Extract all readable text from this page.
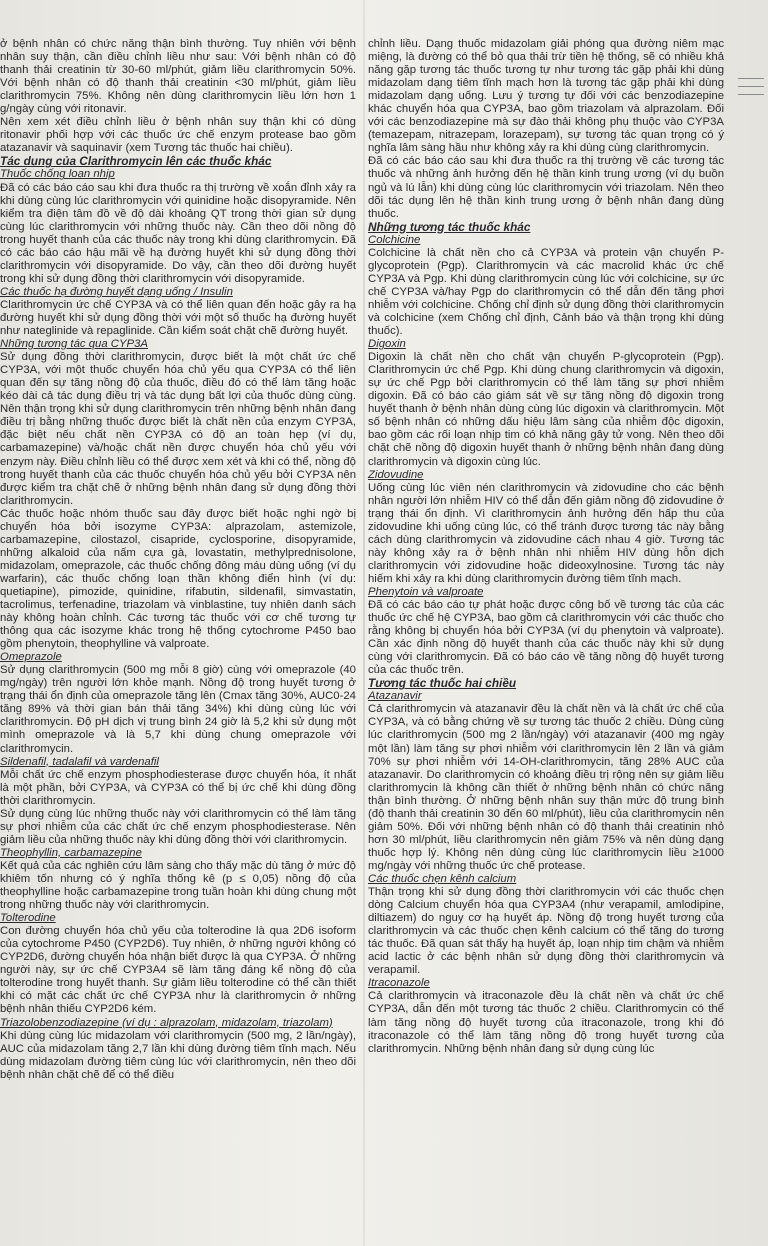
ở bệnh nhân có chức năng thận bình thường. Tuy nhiên với bệnh nhân suy thận, cần điều chỉnh liều như sau: Với bệnh nhân có độ thanh thải creatinin từ 30-60 ml/phút, giảm liều clarithromycin 50%. Với bệnh nhân có độ thanh thải creatinin <30 ml/phút, giảm liều clarithromycin 75%. Không nên dùng clarithromycin liều lớn hơn 1 g/ngày cùng với ritonavir.

Nên xem xét điều chỉnh liều ở bệnh nhân suy thận khi có dùng ritonavir phối hợp với các thuốc ức chế enzym protease bao gồm atazanavir và saquinavir (xem Tương tác thuốc hai chiều).

Tác dụng của Clarithromycin lên các thuốc khác

Thuốc chống loạn nhịp

Đã có các báo cáo sau khi đưa thuốc ra thị trường về xoắn đỉnh xảy ra khi dùng cùng lúc clarithromycin với quinidine hoặc disopyramide. Nên kiểm tra điện tâm đồ về độ dài khoảng QT trong thời gian sử dụng cùng lúc clarithromycin với những thuốc này. Cần theo dõi nồng độ trong huyết thanh của các thuốc này trong khi dùng clarithromycin. Đã có các báo cáo hậu mãi về hạ đường huyết khi sử dụng đồng thời clarithromycin với disopyramide. Do vậy, cần theo dõi đường huyết trong khi sử dụng đồng thời clarithromycin với disopyramide.

Các thuốc hạ đường huyết dạng uống / Insulin

Clarithromycin ức chế CYP3A và có thể liên quan đến hoặc gây ra hạ đường huyết khi sử dụng đồng thời với một số thuốc hạ đường huyết như nateglinide và repaglinide. Cần kiểm soát chặt chẽ đường huyết.

Những tương tác qua CYP3A

Sử dụng đồng thời clarithromycin, được biết là một chất ức chế CYP3A, với một thuốc chuyển hóa chủ yếu qua CYP3A có thể liên quan đến sự tăng nồng độ của thuốc, điều đó có thể làm tăng hoặc kéo dài cả tác dụng điều trị và tác dụng bất lợi của thuốc dùng cùng. Nên thận trọng khi sử dụng clarithromycin trên những bệnh nhân đang điều trị bằng những thuốc được biết là chất nền của enzym CYP3A, đặc biệt nếu chất nền CYP3A có độ an toàn hẹp (ví dụ, carbamazepine) và/hoặc chất nền được chuyển hóa chủ yếu với enzym này. Điều chỉnh liều có thể được xem xét và khi có thể, nồng độ trong huyết thanh của các thuốc chuyển hóa chủ yếu bởi CYP3A nên được kiểm tra chặt chẽ ở những bệnh nhân đang sử dụng đồng thời clarithromycin.

Các thuốc hoặc nhóm thuốc sau đây được biết hoặc nghi ngờ bị chuyển hóa bởi isozyme CYP3A: alprazolam, astemizole, carbamazepine, cilostazol, cisapride, cyclosporine, disopyramide, những alkaloid của nấm cựa gà, lovastatin, methylprednisolone, midazolam, omeprazole, các thuốc chống đông máu dùng uống (ví dụ warfarin), các thuốc chống loạn thần không điển hình (ví dụ: quetiapine), pimozide, quinidine, rifabutin, sildenafil, simvastatin, tacrolimus, terfenadine, triazolam và vinblastine, tuy nhiên danh sách này không hoàn chỉnh. Các tương tác thuốc với cơ chế tương tự thông qua các isozyme khác trong hệ thống cytochrome P450 bao gồm phenytoin, theophylline và valproate.

Omeprazole

Sử dụng clarithromycin (500 mg mỗi 8 giờ) cùng với omeprazole (40 mg/ngày) trên người lớn khỏe mạnh. Nồng độ trong huyết tương ở trạng thái ổn định của omeprazole tăng lên (Cmax tăng 30%, AUC0-24 tăng 89% và thời gian bán thải tăng 34%) khi dùng cùng lúc với clarithromycin. Độ pH dịch vị trung bình 24 giờ là 5,2 khi sử dụng một mình omeprazole và là 5,7 khi dùng chung omeprazole với clarithromycin.

Sildenafil, tadalafil và vardenafil

Mỗi chất ức chế enzym phosphodiesterase được chuyển hóa, ít nhất là một phần, bởi CYP3A, và CYP3A có thể bị ức chế khi dùng đồng thời clarithromycin.

Sử dụng cùng lúc những thuốc này với clarithromycin có thể làm tăng sự phơi nhiễm của các chất ức chế enzym phosphodiesterase. Nên giảm liều của những thuốc này khi dùng đồng thời với clarithromycin.

Theophyllin, carbamazepine

Kết quả của các nghiên cứu lâm sàng cho thấy mặc dù tăng ở mức độ khiêm tốn nhưng có ý nghĩa thống kê (p ≤ 0,05) nồng độ của theophylline hoặc carbamazepine trong tuần hoàn khi dùng chung một trong những thuốc này với clarithromycin.

Tolterodine

Con đường chuyển hóa chủ yếu của tolterodine là qua 2D6 isoform của cytochrome P450 (CYP2D6). Tuy nhiên, ở những người không có CYP2D6, đường chuyển hóa nhận biết được là qua CYP3A. Ở những người này, sự ức chế CYP3A4 sẽ làm tăng đáng kể nồng độ của tolterodine trong huyết thanh. Sự giảm liều tolterodine có thể cần thiết khi có mặt các chất ức chế CYP3A như là clarithromycin ở những bệnh nhân thiếu CYP2D6 kém.

Triazolobenzodiazepine (ví dụ : alprazolam, midazolam, triazolam)

Khi dùng cùng lúc midazolam với clarithromycin (500 mg, 2 lần/ngày), AUC của midazolam tăng 2,7 lần khi dùng đường tiêm tĩnh mạch. Nếu dùng midazolam đường tiêm cùng lúc với clarithromycin, nên theo dõi bệnh nhân chặt chẽ để có thể điều

chỉnh liều. Dạng thuốc midazolam giải phóng qua đường niêm mạc miệng, là đường có thể bỏ qua thải trừ tiền hệ thống, sẽ có nhiều khả năng gặp tương tác thuốc tương tự như tương tác gặp phải khi dùng midazolam dạng tiêm tĩnh mạch hơn là tương tác gặp phải khi dùng midazolam dạng uống. Lưu ý tương tự đối với các benzodiazepine khác chuyển hóa qua CYP3A, bao gồm triazolam và alprazolam. Đối với các benzodiazepine mà sự đào thải không phụ thuộc vào CYP3A (temazepam, nitrazepam, lorazepam), sự tương tác quan trọng có ý nghĩa lâm sàng hầu như không xảy ra khi dùng cùng clarithromycin.

Đã có các báo cáo sau khi đưa thuốc ra thị trường về các tương tác thuốc và những ảnh hưởng đến hệ thần kinh trung ương (ví dụ buồn ngủ và lú lẫn) khi dùng cùng lúc clarithromycin với triazolam. Nên theo dõi tác dụng lên hệ thần kinh trung ương ở bệnh nhân đang dùng thuốc.

Những tương tác thuốc khác

Colchicine

Colchicine là chất nền cho cả CYP3A và protein vận chuyển P-glycoprotein (Pgp). Clarithromycin và các macrolid khác ức chế CYP3A và Pgp. Khi dùng clarithromycin cùng lúc với colchicine, sự ức chế CYP3A và/hay Pgp do clarithromycin có thể dẫn đến tăng phơi nhiễm với colchicine. Chống chỉ định sử dụng đồng thời clarithromycin và colchicine (xem Chống chỉ định, Cảnh báo và thận trọng khi dùng thuốc).

Digoxin

Digoxin là chất nền cho chất vận chuyển P-glycoprotein (Pgp). Clarithromycin ức chế Pgp. Khi dùng chung clarithromycin và digoxin, sự ức chế Pgp bởi clarithromycin có thể làm tăng sự phơi nhiễm digoxin. Đã có báo cáo giám sát về sự tăng nồng độ digoxin trong huyết thanh ở bệnh nhân dùng cùng lúc digoxin và clarithromycin. Một số bệnh nhân có những dấu hiệu lâm sàng của nhiễm độc digoxin, bao gồm các rối loạn nhịp tim có khả năng gây tử vong. Nên theo dõi chặt chẽ nồng độ digoxin huyết thanh ở những bệnh nhân đang dùng clarithromycin và digoxin cùng lúc.

Zidovudine

Uống cùng lúc viên nén clarithromycin và zidovudine cho các bệnh nhân người lớn nhiễm HIV có thể dẫn đến giảm nồng độ zidovudine ở trạng thái ổn định. Vì clarithromycin ảnh hưởng đến hấp thu của zidovudine khi uống cùng lúc, có thể tránh được tương tác này bằng cách dùng clarithromycin và zidovudine cách nhau 4 giờ. Tương tác này không xảy ra ở bệnh nhân nhi nhiễm HIV dùng hỗn dịch clarithromycin với zidovudine hoặc dideoxylnosine. Tương tác này hiếm khi xảy ra khi dùng clarithromycin đường tiêm tĩnh mạch.

Phenytoin và valproate

Đã có các báo cáo tự phát hoặc được công bố về tương tác của các thuốc ức chế hệ CYP3A, bao gồm cả clarithromycin với các thuốc cho rằng không bị chuyển hóa bởi CYP3A (ví dụ phenytoin và valproate). Cần xác định nồng độ huyết thanh của các thuốc này khi sử dụng cùng với clarithromycin. Đã có báo cáo về tăng nồng độ huyết tương của các thuốc trên.

Tương tác thuốc hai chiều

Atazanavir

Cả clarithromycin và atazanavir đều là chất nền và là chất ức chế của CYP3A, và có bằng chứng về sự tương tác thuốc 2 chiều. Dùng cùng lúc clarithromycin (500 mg 2 lần/ngày) với atazanavir (400 mg ngày một lần) làm tăng sự phơi nhiễm với clarithromycin lên 2 lần và giảm 70% sự phơi nhiễm với 14-OH-clarithromycin, tăng 28% AUC của atazanavir. Do clarithromycin có khoảng điều trị rộng nên sự giảm liều clarithromycin là không cần thiết ở những bệnh nhân có chức năng thận bình thường. Ở những bệnh nhân suy thận mức độ trung bình (độ thanh thải creatinin 30 đến 60 ml/phút), liều của clarithromycin nên giảm 50%. Đối với những bệnh nhân có độ thanh thải creatinin nhỏ hơn 30 ml/phút, liều clarithromycin nên giảm 75% và nên dùng dạng thuốc hợp lý. Không nên dùng cùng lúc clarithromycin liều ≥1000 mg/ngày với những thuốc ức chế protease.

Các thuốc chẹn kênh calcium

Thận trọng khi sử dụng đồng thời clarithromycin với các thuốc chẹn dòng Calcium chuyển hóa qua CYP3A4 (như verapamil, amlodipine, diltiazem) do nguy cơ hạ huyết áp. Nồng độ trong huyết tương của clarithromycin và các thuốc chẹn kênh calcium có thể tăng do tương tác thuốc. Đã quan sát thấy hạ huyết áp, loạn nhịp tim chậm và nhiễm acid lactic ở các bệnh nhân sử dụng đồng thời clarithromycin và verapamil.

Itraconazole

Cả clarithromycin và itraconazole đều là chất nền và chất ức chế CYP3A, dẫn đến một tương tác thuốc 2 chiều. Clarithromycin có thể làm tăng nồng độ huyết tương của itraconazole, trong khi đó itraconazole có thể làm tăng nồng độ trong huyết tương của clarithromycin. Những bệnh nhân đang sử dụng cùng lúc
